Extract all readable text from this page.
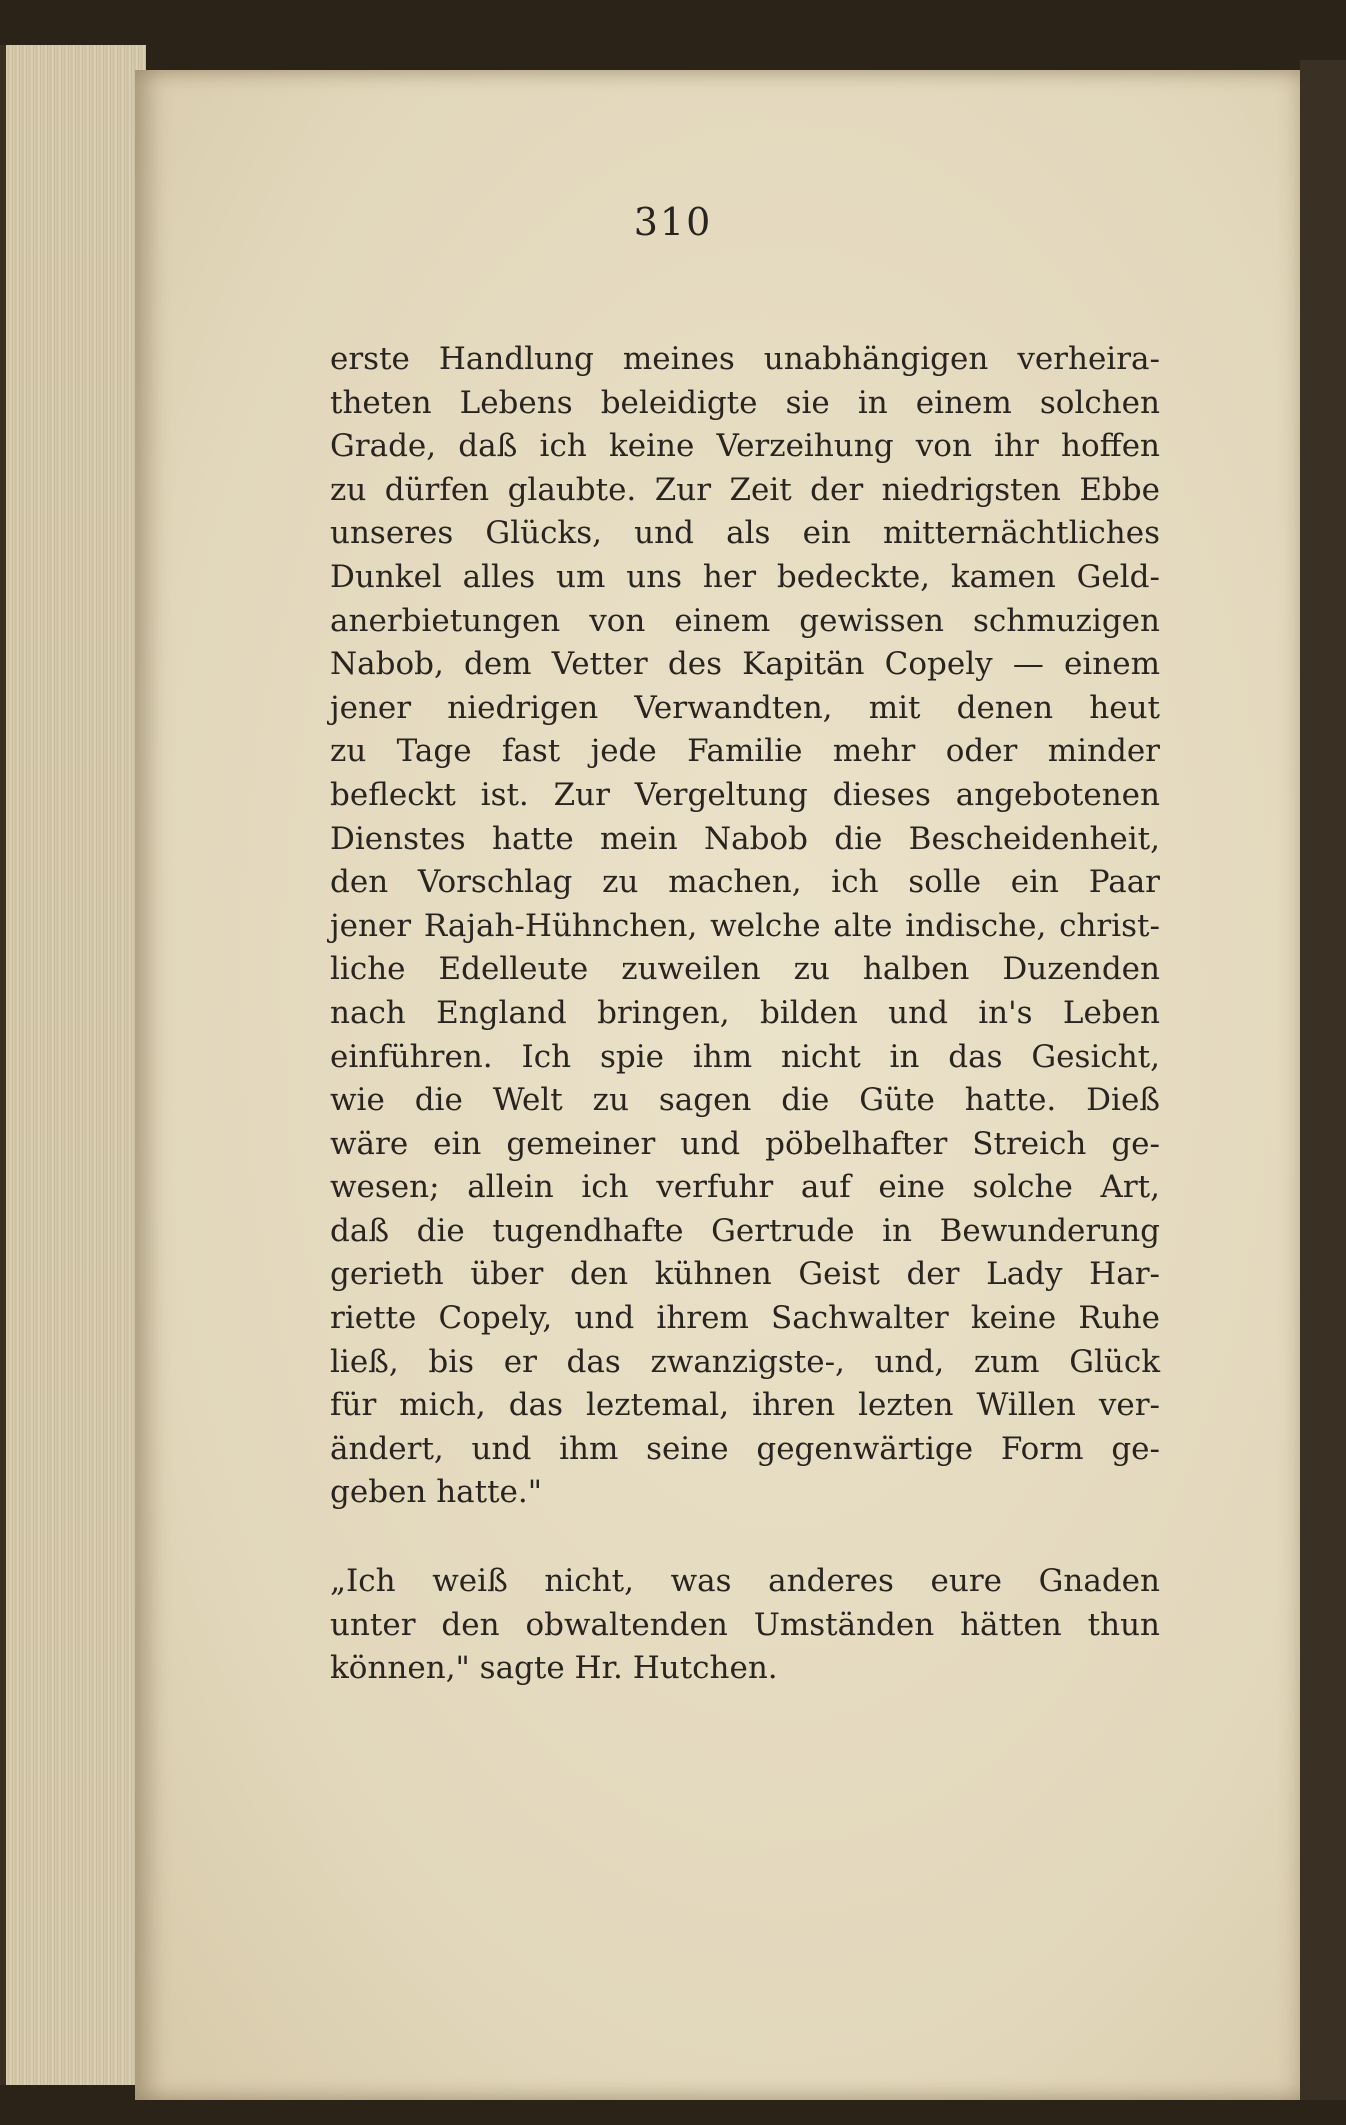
310
erste Handlung meines unabhängigen verheira-
theten Lebens beleidigte sie in einem solchen
Grade, daß ich keine Verzeihung von ihr hoffen
zu dürfen glaubte. Zur Zeit der niedrigsten Ebbe
unseres Glücks, und als ein mitternächtliches
Dunkel alles um uns her bedeckte, kamen Geld-
anerbietungen von einem gewissen schmuzigen
Nabob, dem Vetter des Kapitän Copely — einem
jener niedrigen Verwandten, mit denen heut
zu Tage fast jede Familie mehr oder minder
befleckt ist. Zur Vergeltung dieses angebotenen
Dienstes hatte mein Nabob die Bescheidenheit,
den Vorschlag zu machen, ich solle ein Paar
jener Rajah-Hühnchen, welche alte indische, christ-
liche Edelleute zuweilen zu halben Duzenden
nach England bringen, bilden und in's Leben
einführen. Ich spie ihm nicht in das Gesicht,
wie die Welt zu sagen die Güte hatte. Dieß
wäre ein gemeiner und pöbelhafter Streich ge-
wesen; allein ich verfuhr auf eine solche Art,
daß die tugendhafte Gertrude in Bewunderung
gerieth über den kühnen Geist der Lady Har-
riette Copely, und ihrem Sachwalter keine Ruhe
ließ, bis er das zwanzigste-, und, zum Glück
für mich, das leztemal, ihren lezten Willen ver-
ändert, und ihm seine gegenwärtige Form ge-
geben hatte."
„Ich weiß nicht, was anderes eure Gnaden
unter den obwaltenden Umständen hätten thun
können," sagte Hr. Hutchen.
